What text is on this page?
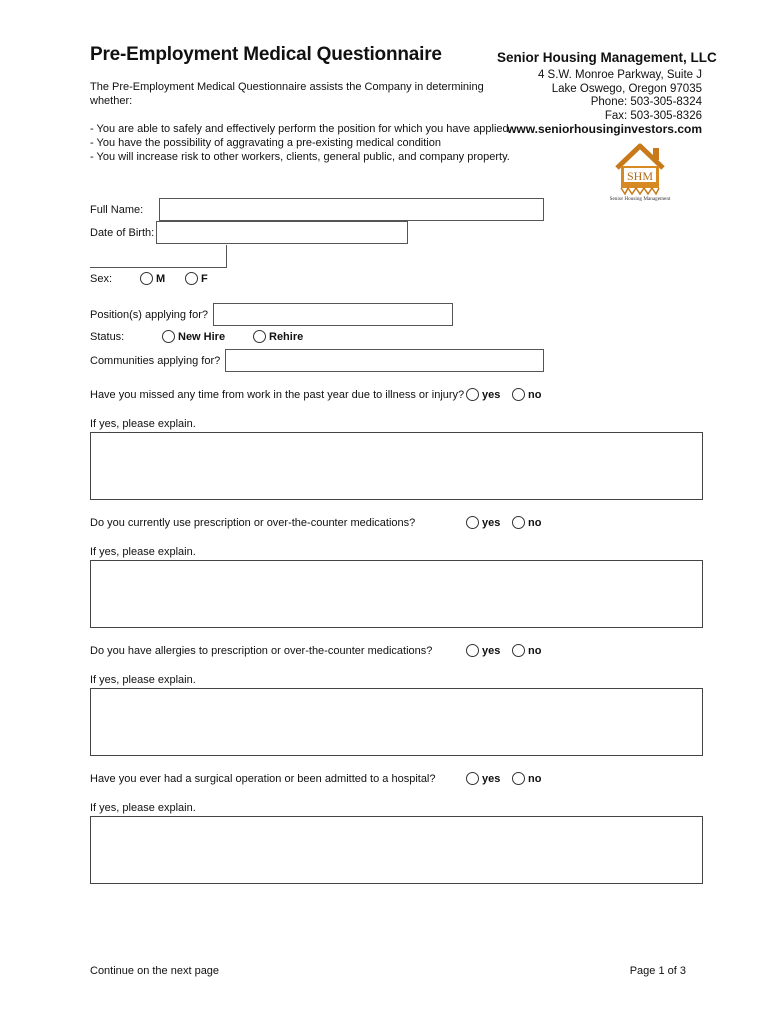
Pre-Employment Medical Questionnaire	Senior Housing Management, LLC
4 S.W. Monroe Parkway, Suite J
Lake Oswego, Oregon 97035
Phone: 503-305-8324
Fax: 503-305-8326
www.seniorhousinginvestors.com
SHM
Senior Housing Management
The Pre-Employment Medical Questionnaire assists the Company in determining whether:
- You are able to safely and effectively perform the position for which you have applied
- You have the possibility of aggravating a pre-existing medical condition
- You will increase risk to other workers, clients, general public, and company property.
Full Name:
Date of Birth:
Sex:	M	F
Position(s) applying for?
Status:	New Hire	Rehire
Communities applying for?
Have you missed any time from work in the past year due to illness or injury? yes	no
If yes, please explain.
Do you currently use prescription or over-the-counter medications?	yes	no
If yes, please explain.
Do you have allergies to prescription or over-the-counter medications?	yes	no
If yes, please explain.
Have you ever had a surgical operation or been admitted to a hospital?	yes	no
If yes, please explain.
Continue on the next page	Page 1 of 3
